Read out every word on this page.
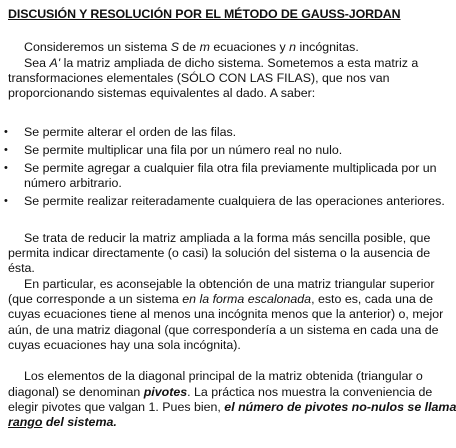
DISCUSIÓN Y RESOLUCIÓN POR EL MÉTODO DE GAUSS-JORDAN
Consideremos un sistema S de m ecuaciones y n incógnitas.
Sea A' la matriz ampliada de dicho sistema. Sometemos a esta matriz a
transformaciones elementales (SÓLO CON LAS FILAS), que nos van
proporcionando sistemas equivalentes al dado. A saber:
• Se permite alterar el orden de las filas.
• Se permite multiplicar una fila por un número real no nulo.
• Se permite agregar a cualquier fila otra fila previamente multiplicada por un
número arbitrario.
• Se permite realizar reiteradamente cualquiera de las operaciones anteriores.
Se trata de reducir la matriz ampliada a la forma más sencilla posible, que
permita indicar directamente (o casi) la solución del sistema o la ausencia de
ésta.
En particular, es aconsejable la obtención de una matriz triangular superior
(que corresponde a un sistema en la forma escalonada, esto es, cada una de
cuyas ecuaciones tiene al menos una incógnita menos que la anterior) o, mejor
aún, de una matriz diagonal (que correspondería a un sistema en cada una de
cuyas ecuaciones hay una sola incógnita).
Los elementos de la diagonal principal de la matriz obtenida (triangular o
diagonal) se denominan pivotes. La práctica nos muestra la conveniencia de
elegir pivotes que valgan 1. Pues bien, el número de pivotes no-nulos se llama
rango del sistema.
